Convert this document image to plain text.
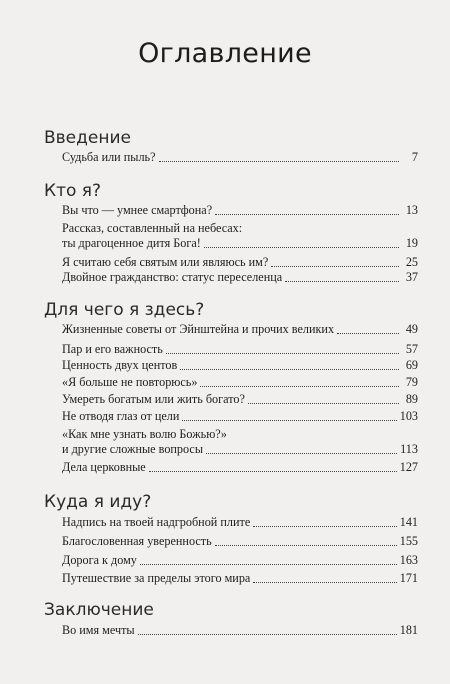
Оглавление
Введение
Судьба или пыль?	7
Кто я?
Вы что — умнее смартфона?	13
Рассказ, составленный на небесах:
ты драгоценное дитя Бога!	19
Я считаю себя святым или являюсь им?	25
Двойное гражданство: статус переселенца	37
Для чего я здесь?
Жизненные советы от Эйнштейна и прочих великих	49
Пар и его важность	57
Ценность двух центов	69
«Я больше не повторюсь»	79
Умереть богатым или жить богато?	89
Не отводя глаз от цели	103
«Как мне узнать волю Божью?»
и другие сложные вопросы	113
Дела церковные	127
Куда я иду?
Надпись на твоей надгробной плите	141
Благословенная уверенность	155
Дорога к дому	163
Путешествие за пределы этого мира	171
Заключение
Во имя мечты	181
